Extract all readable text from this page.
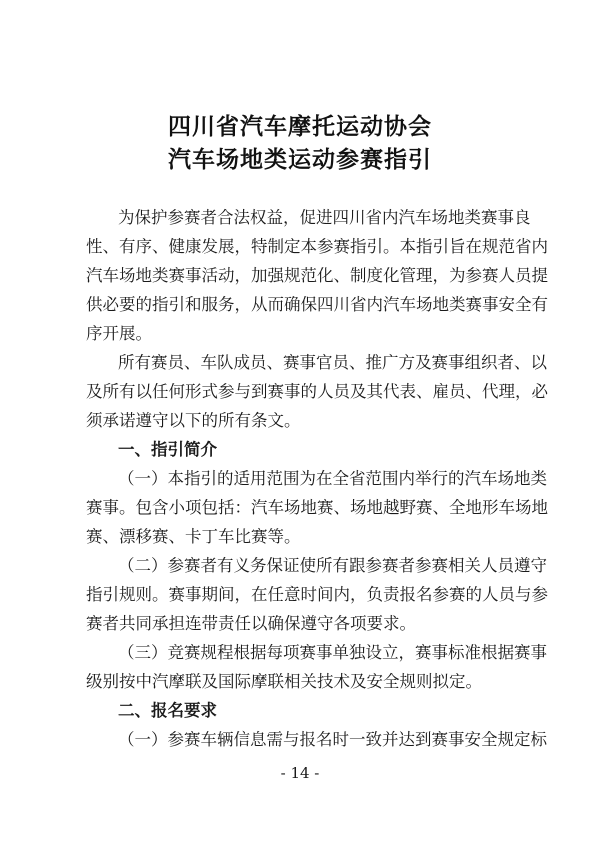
四川省汽车摩托运动协会
汽车场地类运动参赛指引
为保护参赛者合法权益，促进四川省内汽车场地类赛事良
性、有序、健康发展，特制定本参赛指引。本指引旨在规范省内
汽车场地类赛事活动，加强规范化、制度化管理，为参赛人员提
供必要的指引和服务，从而确保四川省内汽车场地类赛事安全有
序开展。
所有赛员、车队成员、赛事官员、推广方及赛事组织者、以
及所有以任何形式参与到赛事的人员及其代表、雇员、代理，必
须承诺遵守以下的所有条文。
一、指引简介
（一）本指引的适用范围为在全省范围内举行的汽车场地类
赛事。包含小项包括：汽车场地赛、场地越野赛、全地形车场地
赛、漂移赛、卡丁车比赛等。
（二）参赛者有义务保证使所有跟参赛者参赛相关人员遵守
指引规则。赛事期间，在任意时间内，负责报名参赛的人员与参
赛者共同承担连带责任以确保遵守各项要求。
（三）竞赛规程根据每项赛事单独设立，赛事标准根据赛事
级别按中汽摩联及国际摩联相关技术及安全规则拟定。
二、报名要求
（一）参赛车辆信息需与报名时一致并达到赛事安全规定标
- 14 -
